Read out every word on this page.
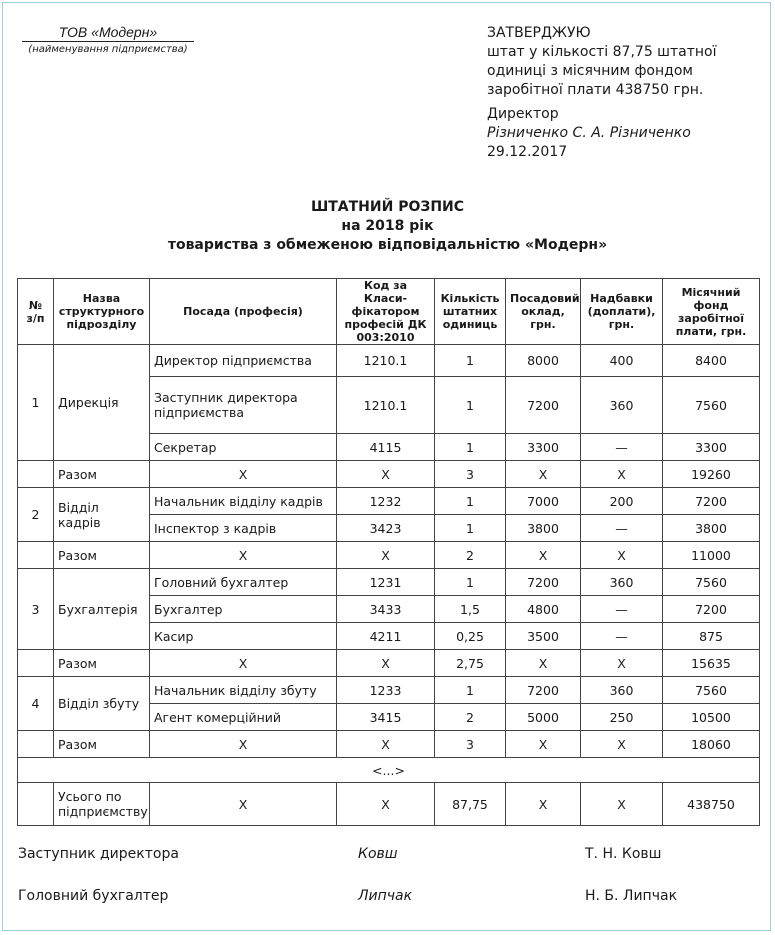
ТОВ «Модерн»
(найменування підприємства)
ЗАТВЕРДЖУЮ
штат у кількості 87,75 штатної
одиниці з місячним фондом
заробітної плати 438750 грн.
Директор
Різниченко С. А. Різниченко
29.12.2017
ШТАТНИЙ РОЗПИС
на 2018 рік
товариства з обмеженою відповідальністю «Модерн»
№ з/п	Назва структурного підрозділу	Посада (професія)	Код за Класи- фікатором професій ДК 003:2010	Кількість штатних одиниць	Посадовий оклад, грн.	Надбавки (доплати), грн.	Місячний фонд заробітної плати, грн.
1	Дирекція	Директор підприємства	1210.1	1	8000	400	8400
		Заступник директора підприємства	1210.1	1	7200	360	7560
		Секретар	4115	1	3300	—	3300
	Разом	Х	Х	3	Х	Х	19260
2	Відділ кадрів	Начальник відділу кадрів	1232	1	7000	200	7200
		Інспектор з кадрів	3423	1	3800	—	3800
	Разом	Х	Х	2	Х	Х	11000
3	Бухгалтерія	Головний бухгалтер	1231	1	7200	360	7560
		Бухгалтер	3433	1,5	4800	—	7200
		Касир	4211	0,25	3500	—	875
	Разом	Х	Х	2,75	Х	Х	15635
4	Відділ збуту	Начальник відділу збуту	1233	1	7200	360	7560
		Агент комерційний	3415	2	5000	250	10500
	Разом	Х	Х	3	Х	Х	18060
<...>							
	Усього по підприємству	Х	Х	87,75	Х	Х	438750
Заступник директора	Ковш	Т. Н. Ковш
Головний бухгалтер	Липчак	Н. Б. Липчак
